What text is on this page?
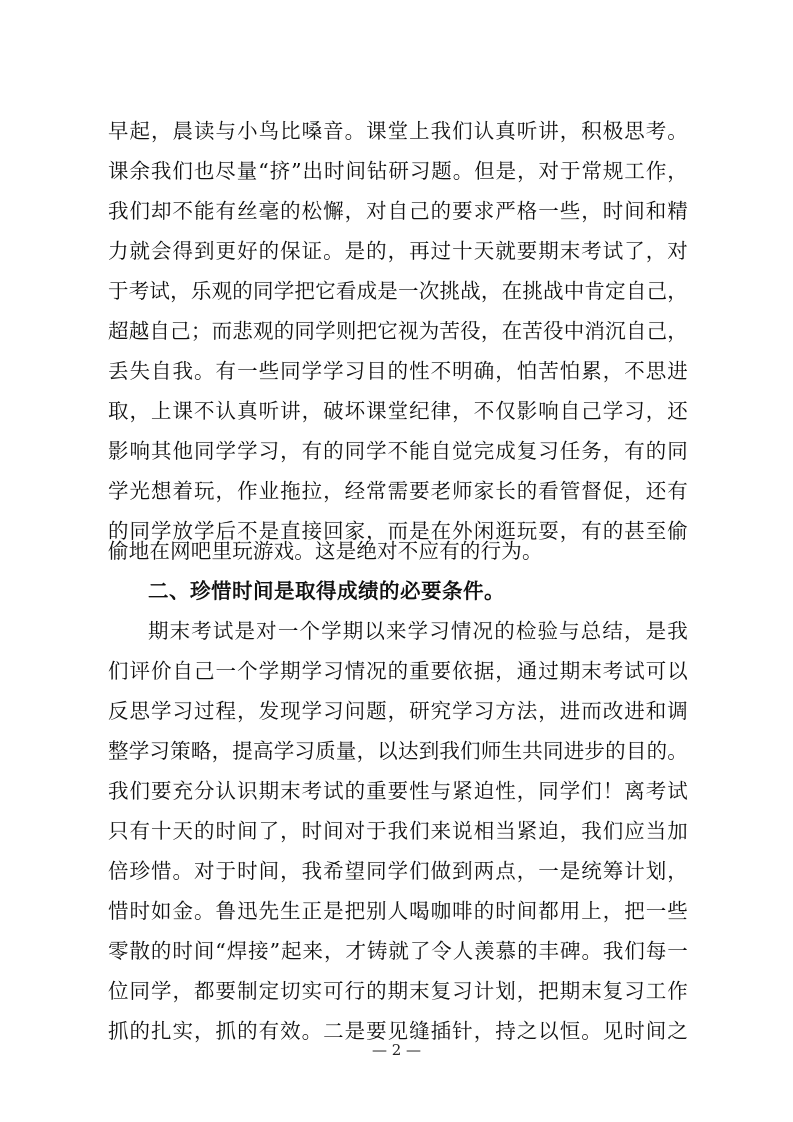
早起，晨读与小鸟比嗓音。课堂上我们认真听讲，积极思考。
课余我们也尽量“挤”出时间钻研习题。但是，对于常规工作，
我们却不能有丝毫的松懈，对自己的要求严格一些，时间和精
力就会得到更好的保证。是的，再过十天就要期末考试了，对
于考试，乐观的同学把它看成是一次挑战，在挑战中肯定自己，
超越自己；而悲观的同学则把它视为苦役，在苦役中消沉自己，
丢失自我。有一些同学学习目的性不明确，怕苦怕累，不思进
取，上课不认真听讲，破坏课堂纪律，不仅影响自己学习，还
影响其他同学学习，有的同学不能自觉完成复习任务，有的同
学光想着玩，作业拖拉，经常需要老师家长的看管督促，还有
的同学放学后不是直接回家，而是在外闲逛玩耍，有的甚至偷
偷地在网吧里玩游戏。这是绝对不应有的行为。
二、珍惜时间是取得成绩的必要条件。
期末考试是对一个学期以来学习情况的检验与总结，是我
们评价自己一个学期学习情况的重要依据，通过期末考试可以
反思学习过程，发现学习问题，研究学习方法，进而改进和调
整学习策略，提高学习质量，以达到我们师生共同进步的目的。
我们要充分认识期末考试的重要性与紧迫性，同学们！离考试
只有十天的时间了，时间对于我们来说相当紧迫，我们应当加
倍珍惜。对于时间，我希望同学们做到两点，一是统筹计划，
惜时如金。鲁迅先生正是把别人喝咖啡的时间都用上，把一些
零散的时间“焊接”起来，才铸就了令人羡慕的丰碑。我们每一
位同学，都要制定切实可行的期末复习计划，把期末复习工作
抓的扎实，抓的有效。二是要见缝插针，持之以恒。见时间之
— 2 —
